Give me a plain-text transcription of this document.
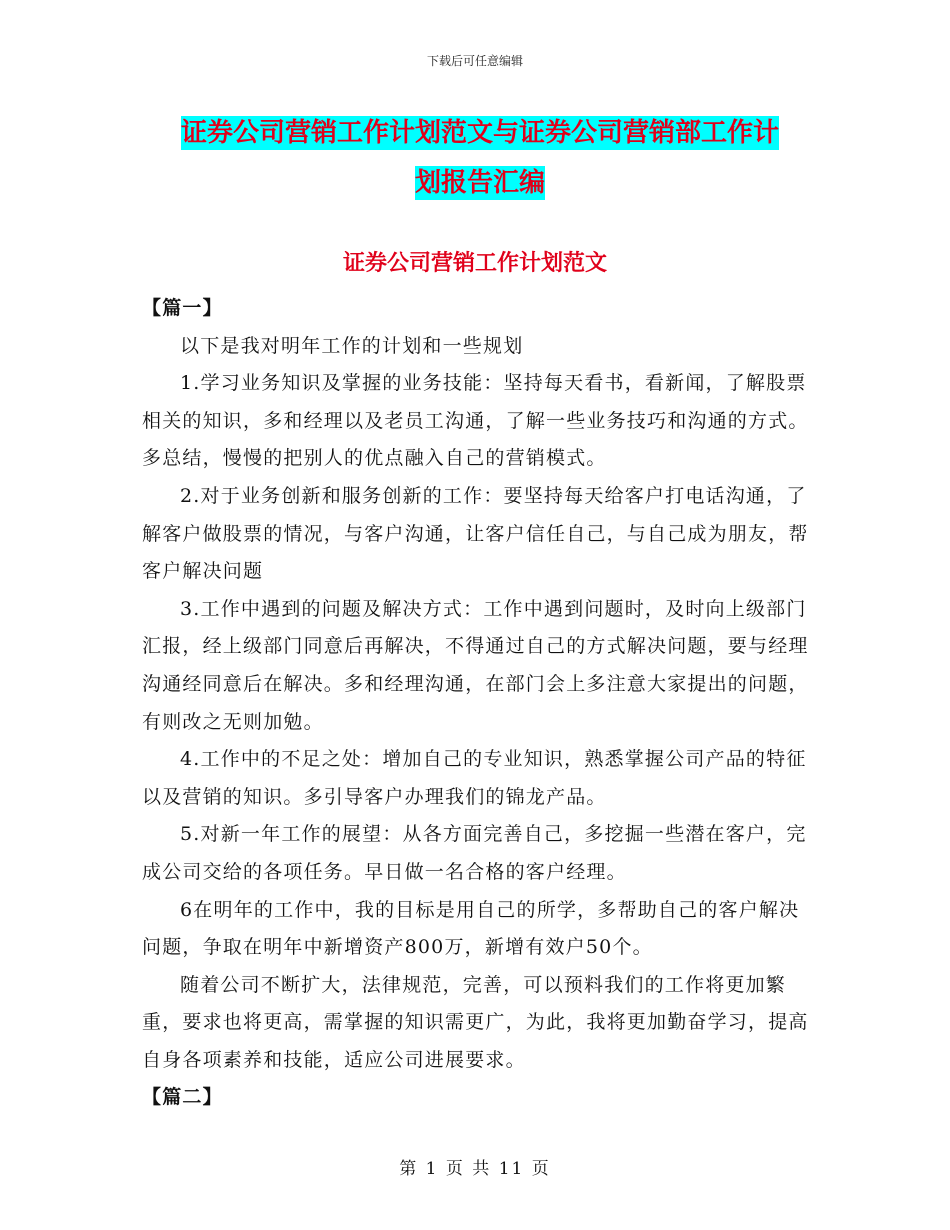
下载后可任意编辑
证券公司营销工作计划范文与证券公司营销部工作计
划报告汇编
证券公司营销工作计划范文

【篇一】

以下是我对明年工作的计划和一些规划

1.学习业务知识及掌握的业务技能：坚持每天看书，看新闻，了解股票相关的知识，多和经理以及老员工沟通，了解一些业务技巧和沟通的方式。多总结，慢慢的把别人的优点融入自己的营销模式。

2.对于业务创新和服务创新的工作：要坚持每天给客户打电话沟通，了解客户做股票的情况，与客户沟通，让客户信任自己，与自己成为朋友，帮客户解决问题

3.工作中遇到的问题及解决方式：工作中遇到问题时，及时向上级部门汇报，经上级部门同意后再解决，不得通过自己的方式解决问题，要与经理沟通经同意后在解决。多和经理沟通，在部门会上多注意大家提出的问题，有则改之无则加勉。

4.工作中的不足之处：增加自己的专业知识，熟悉掌握公司产品的特征以及营销的知识。多引导客户办理我们的锦龙产品。

5.对新一年工作的展望：从各方面完善自己，多挖掘一些潜在客户，完成公司交给的各项任务。早日做一名合格的客户经理。

6在明年的工作中，我的目标是用自己的所学，多帮助自己的客户解决问题，争取在明年中新增资产800万，新增有效户50个。

随着公司不断扩大，法律规范，完善，可以预料我们的工作将更加繁重，要求也将更高，需掌握的知识需更广，为此，我将更加勤奋学习，提高自身各项素养和技能，适应公司进展要求。

【篇二】

第 1 页 共 11 页
